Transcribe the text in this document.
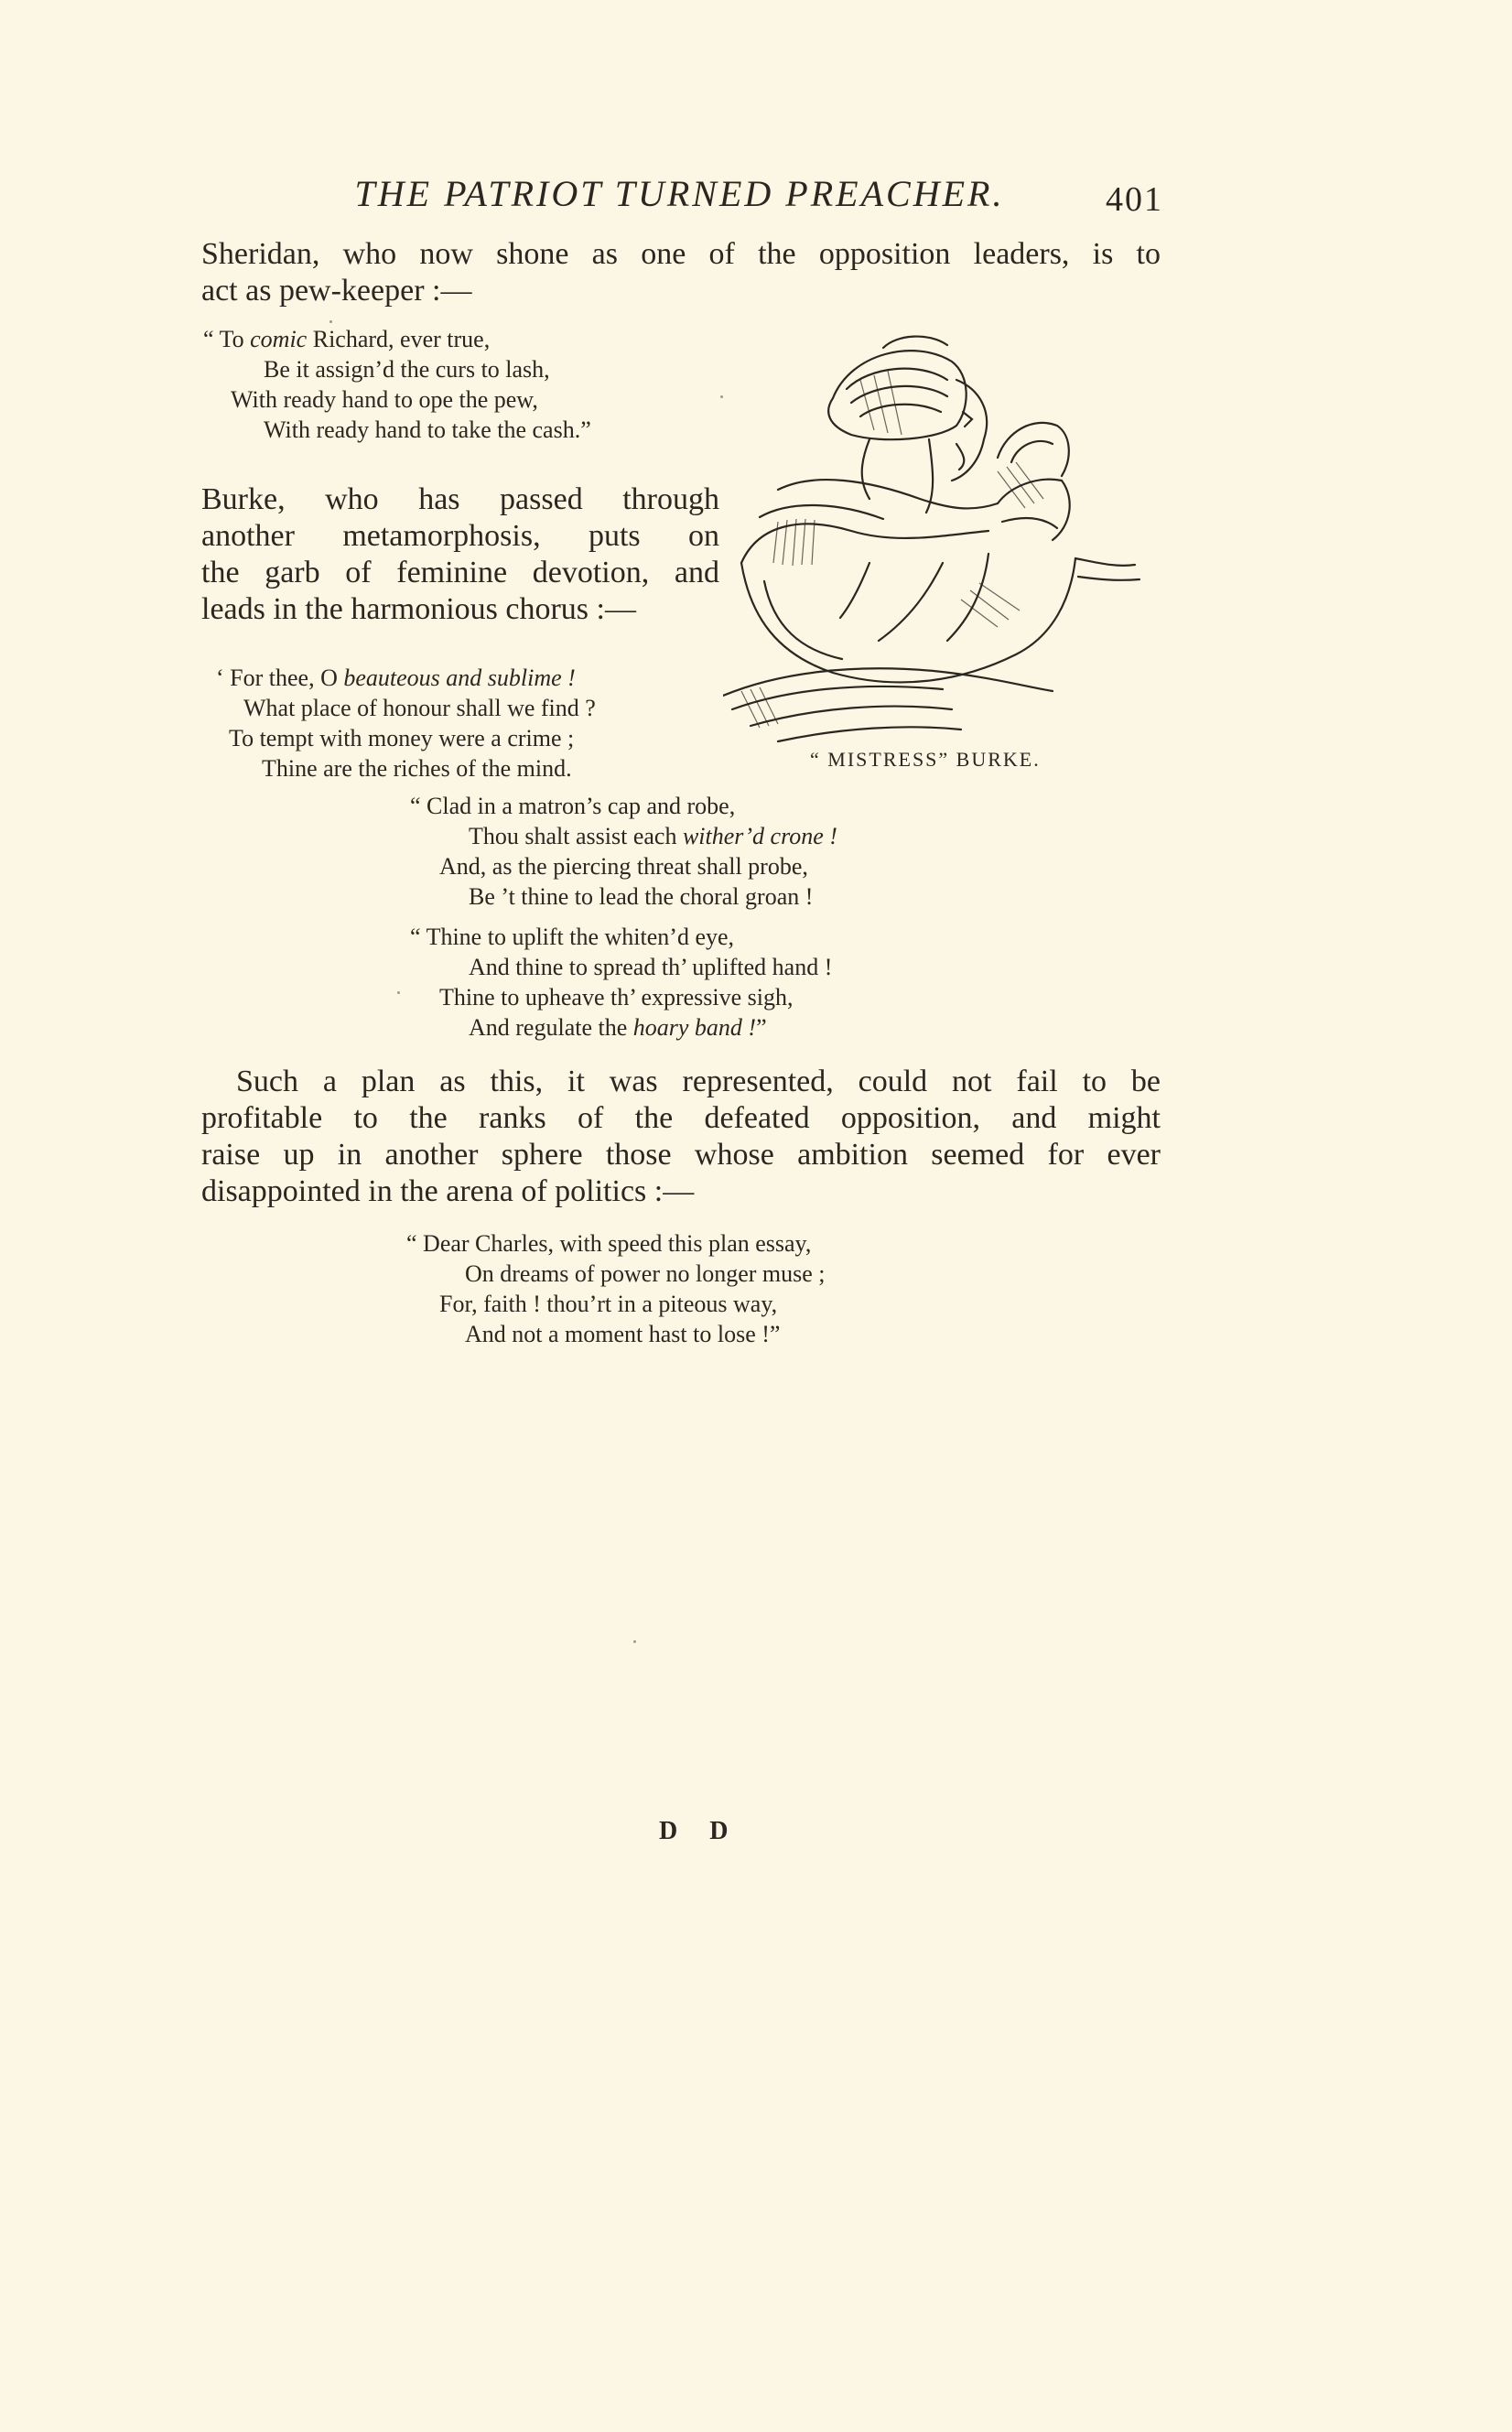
THE PATRIOT TURNED PREACHER.	401

Sheridan, who now shone as one of the opposition leaders, is to
act as pew-keeper :—

“ To comic Richard, ever true,
Be it assign’d the curs to lash,
With ready hand to ope the pew,
With ready hand to take the cash.”

Burke, who has passed through
another metamorphosis, puts on
the garb of feminine devotion, and
leads in the harmonious chorus :—

‘ For thee, O beauteous and sublime !
What place of honour shall we find ?
To tempt with money were a crime ;
Thine are the riches of the mind.	“ MISTRESS” BURKE.
“ Clad in a matron’s cap and robe,
Thou shalt assist each wither’d crone !
And, as the piercing threat shall probe,
Be ’t thine to lead the choral groan !
“ Thine to uplift the whiten’d eye,
And thine to spread th’ uplifted hand !
Thine to upheave th’ expressive sigh,
And regulate the hoary band !”

Such a plan as this, it was represented, could not fail to be
profitable to the ranks of the defeated opposition, and might
raise up in another sphere those whose ambition seemed for ever
disappointed in the arena of politics :—

“ Dear Charles, with speed this plan essay,
On dreams of power no longer muse ;
For, faith ! thou’rt in a piteous way,
And not a moment hast to lose !”
D D
